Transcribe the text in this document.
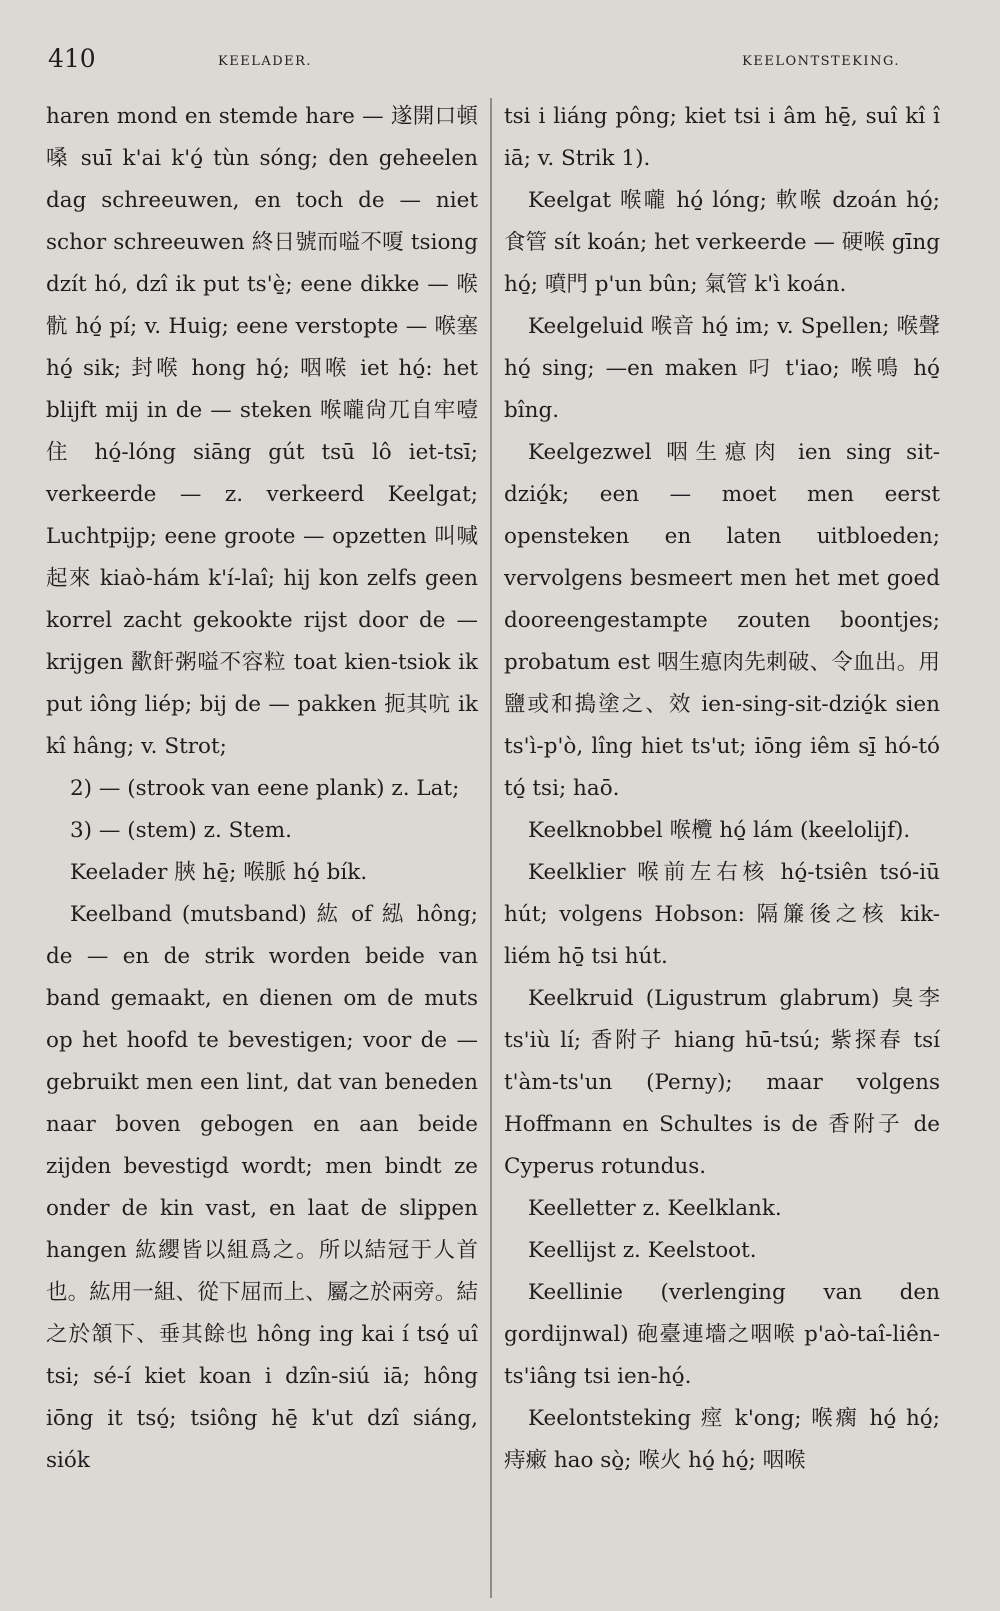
410	KEELADER.	KEELONTSTEKING.

haren mond en stemde hare — 遂開口頓嗓 suī k'ai k'ó̱ tùn sóng; den geheelen dag schreeuwen, en toch de — niet schor schreeuwen 終日號而嗌不嗄 tsiong dzít hó, dzî ik put ts'è̱; eene dikke — 喉骯 hó̱ pí; v. Huig; eene verstopte — 喉塞 hó̱ sik; 封喉 hong hó̱; 咽喉 iet hó̱: het blijft mij in de — steken 喉嚨尙兀自牢噎住 hó̱-lóng siāng gút tsū lô iet-tsī; verkeerde — z. verkeerd Keelgat; Luchtpijp; eene groote — opzetten 叫喊起來 kiaò-hám k'í-laî; hij kon zelfs geen korrel zacht gekookte rijst door de — krijgen 歠飦粥嗌不容粒 toat kien-tsiok ik put iông liép; bij de — pakken 扼其吭 ik kî hâng; v. Strot;

2) — (strook van eene plank) z. Lat;

3) — (stem) z. Stem.

Keelader 脥 hē̱; 喉脈 hó̱ bík.

Keelband (mutsband) 紘 of 紭 hông; de — en de strik worden beide van band gemaakt, en dienen om de muts op het hoofd te bevestigen; voor de — gebruikt men een lint, dat van beneden naar boven gebogen en aan beide zijden bevestigd wordt; men bindt ze onder de kin vast, en laat de slippen hangen 紘纓皆以組爲之。所以結冠于人首也。紘用一組、從下屈而上、屬之於兩旁。結之於頷下、垂其餘也 hông ing kai í tsó̱ uî tsi; sé-í kiet koan i dzîn-siú iā; hông iōng it tsó̱; tsiông hē̱ k'ut dzî siáng, siók

tsi i liáng pông; kiet tsi i âm hē̱, suî kî î iā; v. Strik 1).

Keelgat 喉嚨 hó̱ lóng; 軟喉 dzoán hó̱; 食管 sít koán; het verkeerde — 硬喉 gīng hó̱; 噴門 p'un bûn; 氣管 k'ì koán.

Keelgeluid 喉音 hó̱ im; v. Spellen; 喉聲 hó̱ sing; —en maken 叼 t'iao; 喉鳴 hó̱ bîng.

Keelgezwel 咽生瘜肉 ien sing sit-dzió̱k; een — moet men eerst opensteken en laten uitbloeden; vervolgens besmeert men het met goed dooreengestampte zouten boontjes; probatum est 咽生瘜肉先刺破、令血出。用鹽或和搗塗之、效 ien-sing-sit-dzió̱k sien ts'ì-p'ò, lîng hiet ts'ut; iōng iêm sī̱ hó-tó tó̱ tsi; haō.

Keelknobbel 喉欖 hó̱ lám (keelolijf).

Keelklier 喉前左右核 hó̱-tsiên tsó-iū hút; volgens Hobson: 隔簾後之核 kik-liém hō̱ tsi hút.

Keelkruid (Ligustrum glabrum) 臭李 ts'iù lí; 香附子 hiang hū-tsú; 紫探春 tsí t'àm-ts'un (Perny); maar volgens Hoffmann en Schultes is de 香附子 de Cyperus rotundus.

Keelletter z. Keelklank.

Keellijst z. Keelstoot.

Keellinie (verlenging van den gordijnwal) 砲臺連墻之咽喉 p'aò-taî-liên-ts'iâng tsi ien-hó̱.

Keelontsteking 痙 k'ong; 喉瘸 hó̱ hó̱; 痔瘷 hao sò̱; 喉火 hó̱ hó̱; 咽喉
